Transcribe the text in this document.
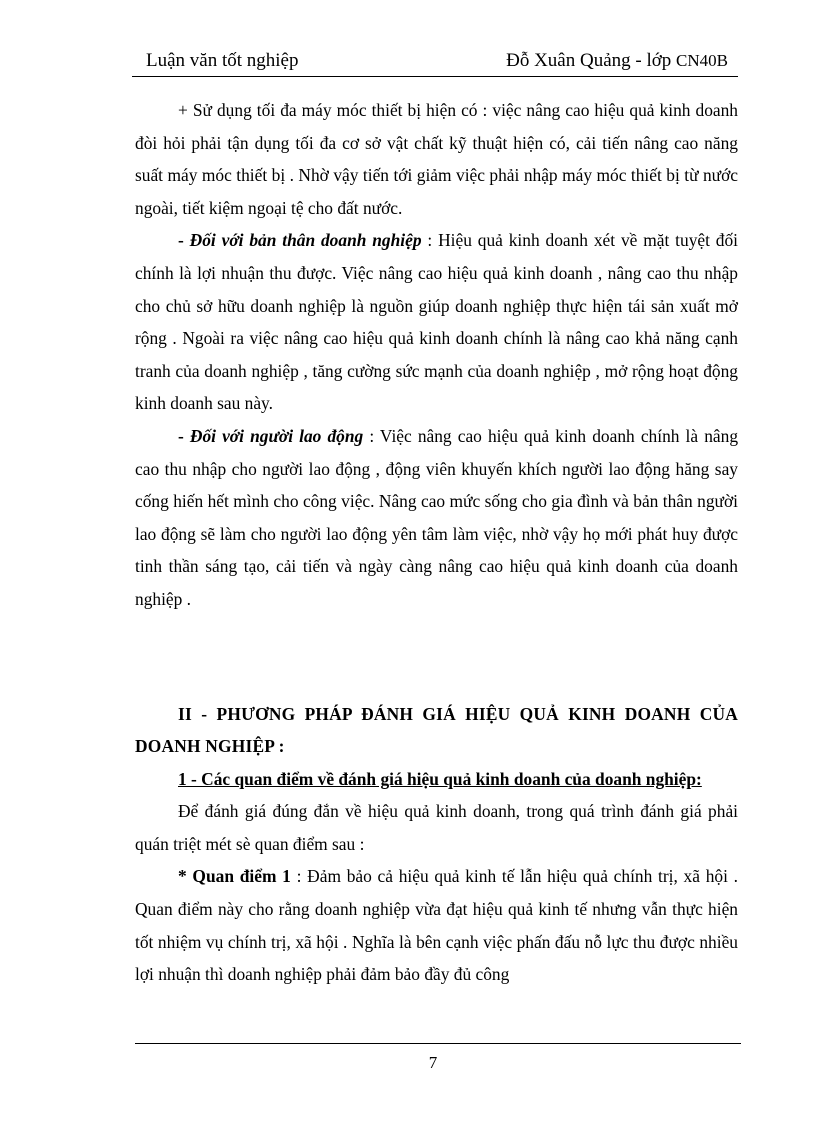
Luận văn tốt nghiệp	Đỗ Xuân Quảng - lớp CN40B

+ Sử dụng tối đa máy móc thiết bị hiện có : việc nâng cao hiệu quả kinh doanh đòi hỏi phải tận dụng tối đa cơ sở vật chất kỹ thuật hiện có, cải tiến nâng cao năng suất máy móc thiết bị . Nhờ vậy tiến tới giảm việc phải nhập máy móc thiết bị từ nước ngoài, tiết kiệm ngoại tệ cho đất nước.

- Đối với bản thân doanh nghiệp : Hiệu quả kinh doanh xét về mặt tuyệt đối chính là lợi nhuận thu được. Việc nâng cao hiệu quả kinh doanh , nâng cao thu nhập cho chủ sở hữu doanh nghiệp là nguồn giúp doanh nghiệp thực hiện tái sản xuất mở rộng . Ngoài ra việc nâng cao hiệu quả kinh doanh chính là nâng cao khả năng cạnh tranh của doanh nghiệp , tăng cường sức mạnh của doanh nghiệp , mở rộng hoạt động kinh doanh sau này.

- Đối với người lao động : Việc nâng cao hiệu quả kinh doanh chính là nâng cao thu nhập cho người lao động , động viên khuyến khích người lao động hăng say cống hiến hết mình cho công việc. Nâng cao mức sống cho gia đình và bản thân người lao động sẽ làm cho người lao động yên tâm làm việc, nhờ vậy họ mới phát huy được tinh thần sáng tạo, cải tiến và ngày càng nâng cao hiệu quả kinh doanh của doanh nghiệp .

II - PHƯƠNG PHÁP ĐÁNH GIÁ HIỆU QUẢ KINH DOANH CỦA DOANH NGHIỆP :

1 - Các quan điểm về đánh giá hiệu quả kinh doanh của doanh nghiệp:

Để đánh giá đúng đắn về hiệu quả kinh doanh, trong quá trình đánh giá phải quán triệt mét sè quan điểm sau :

* Quan điểm 1 : Đảm bảo cả hiệu quả kinh tế lẫn hiệu quả chính trị, xã hội . Quan điểm này cho rằng doanh nghiệp vừa đạt hiệu quả kinh tế nhưng vẫn thực hiện tốt nhiệm vụ chính trị, xã hội . Nghĩa là bên cạnh việc phấn đấu nỗ lực thu được nhiều lợi nhuận thì doanh nghiệp phải đảm bảo đầy đủ công

7
